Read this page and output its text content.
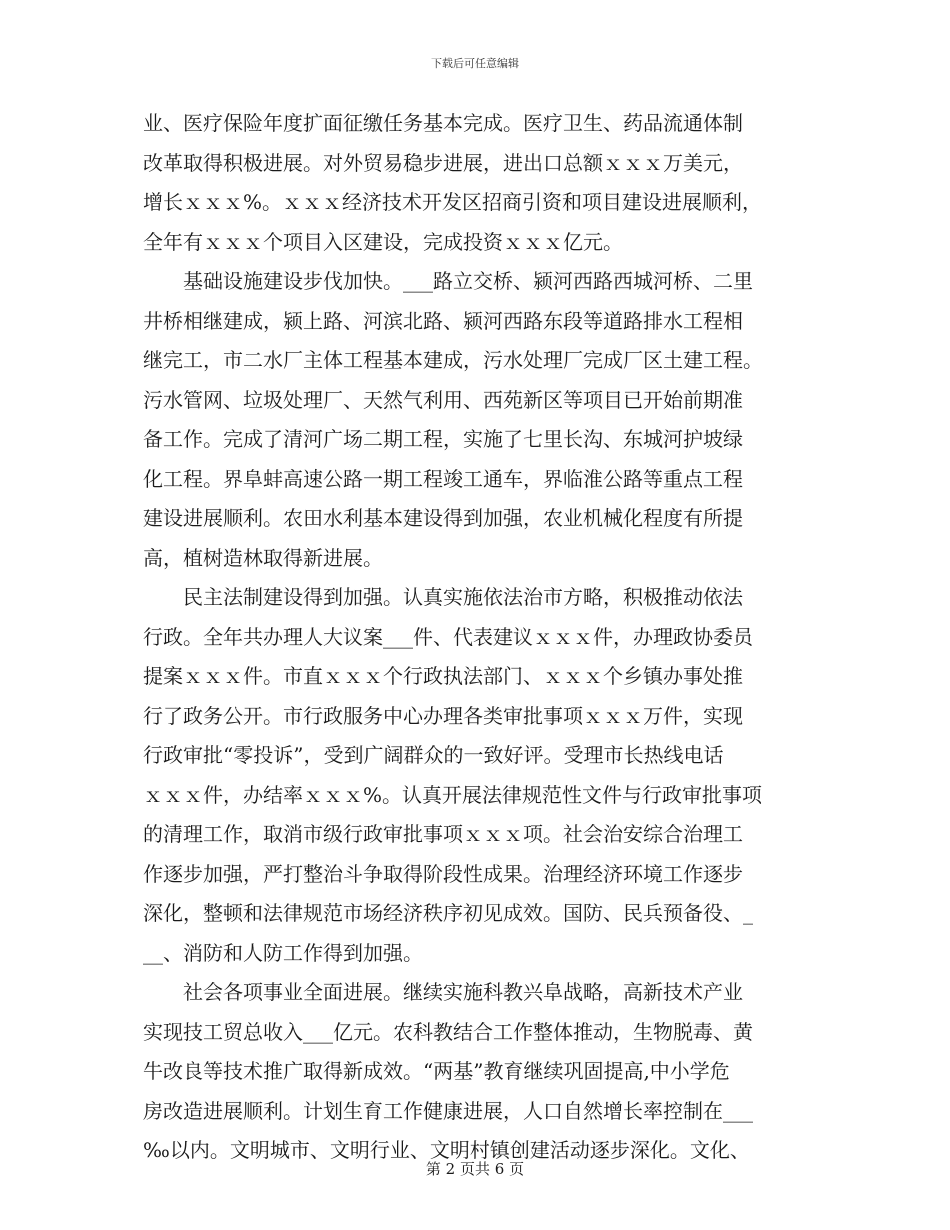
下载后可任意编辑
业、医疗保险年度扩面征缴任务基本完成。医疗卫生、药品流通体制
改革取得积极进展。对外贸易稳步进展，进出口总额ｘｘｘ万美元，
增长ｘｘｘ%。ｘｘｘ经济技术开发区招商引资和项目建设进展顺利，
全年有ｘｘｘ个项目入区建设，完成投资ｘｘｘ亿元。
　　基础设施建设步伐加快。___路立交桥、颍河西路西城河桥、二里
井桥相继建成，颍上路、河滨北路、颍河西路东段等道路排水工程相
继完工，市二水厂主体工程基本建成，污水处理厂完成厂区土建工程。
污水管网、垃圾处理厂、天然气利用、西苑新区等项目已开始前期准
备工作。完成了清河广场二期工程，实施了七里长沟、东城河护坡绿
化工程。界阜蚌高速公路一期工程竣工通车，界临淮公路等重点工程
建设进展顺利。农田水利基本建设得到加强，农业机械化程度有所提
高，植树造林取得新进展。
　　民主法制建设得到加强。认真实施依法治市方略，积极推动依法
行政。全年共办理人大议案___件、代表建议ｘｘｘ件，办理政协委员
提案ｘｘｘ件。市直ｘｘｘ个行政执法部门、ｘｘｘ个乡镇办事处推
行了政务公开。市行政服务中心办理各类审批事项ｘｘｘ万件，实现
行政审批“零投诉”，受到广阔群众的一致好评。受理市长热线电话
ｘｘｘ件，办结率ｘｘｘ%。认真开展法律规范性文件与行政审批事项
的清理工作，取消市级行政审批事项ｘｘｘ项。社会治安综合治理工
作逐步加强，严打整治斗争取得阶段性成果。治理经济环境工作逐步
深化，整顿和法律规范市场经济秩序初见成效。国防、民兵预备役、_
__、消防和人防工作得到加强。
　　社会各项事业全面进展。继续实施科教兴阜战略，高新技术产业
实现技工贸总收入___亿元。农科教结合工作整体推动，生物脱毒、黄
牛改良等技术推广取得新成效。“两基”教育继续巩固提高,中小学危
房改造进展顺利。计划生育工作健康进展，人口自然增长率控制在___
‰以内。文明城市、文明行业、文明村镇创建活动逐步深化。文化、
第 2 页共 6 页
